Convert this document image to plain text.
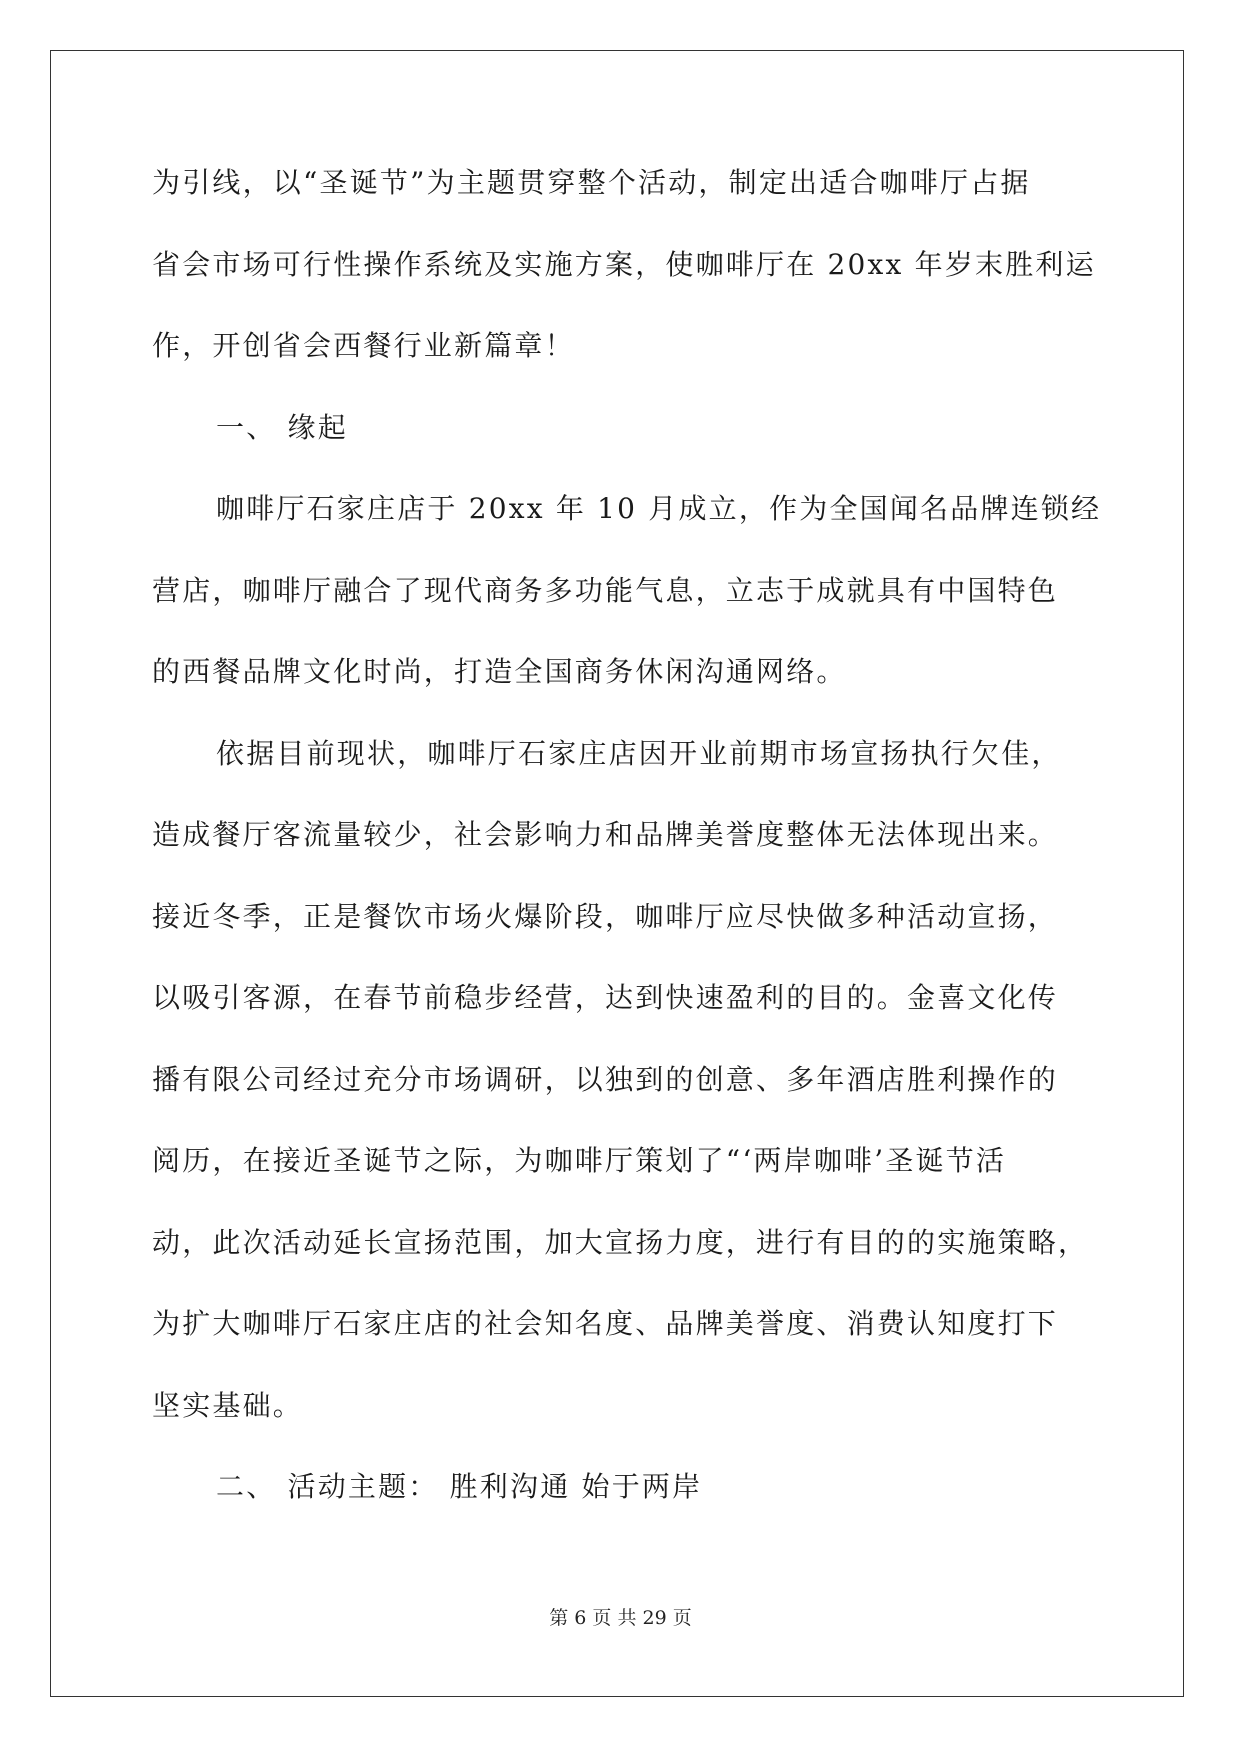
为引线，以“圣诞节”为主题贯穿整个活动，制定出适合咖啡厅占据
省会市场可行性操作系统及实施方案，使咖啡厅在 20xx 年岁末胜利运
作，开创省会西餐行业新篇章！
一、 缘起
咖啡厅石家庄店于 20xx 年 10 月成立，作为全国闻名品牌连锁经
营店，咖啡厅融合了现代商务多功能气息，立志于成就具有中国特色
的西餐品牌文化时尚，打造全国商务休闲沟通网络。
依据目前现状，咖啡厅石家庄店因开业前期市场宣扬执行欠佳，
造成餐厅客流量较少，社会影响力和品牌美誉度整体无法体现出来。
接近冬季，正是餐饮市场火爆阶段，咖啡厅应尽快做多种活动宣扬，
以吸引客源，在春节前稳步经营，达到快速盈利的目的。金喜文化传
播有限公司经过充分市场调研，以独到的创意、多年酒店胜利操作的
阅历，在接近圣诞节之际，为咖啡厅策划了“‘两岸咖啡’圣诞节活
动，此次活动延长宣扬范围，加大宣扬力度，进行有目的的实施策略，
为扩大咖啡厅石家庄店的社会知名度、品牌美誉度、消费认知度打下
坚实基础。
二、 活动主题： 胜利沟通 始于两岸
第 6 页 共 29 页
